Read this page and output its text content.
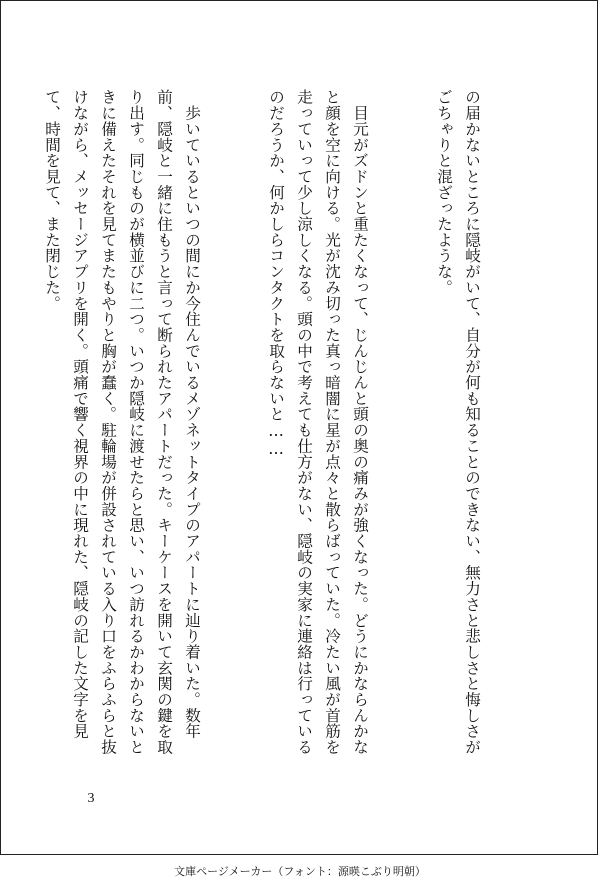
の届かないところに隠岐がいて、自分が何も知ることのできない、無力さと悲しさと悔しさがごちゃりと混ざったような。

　目元がズドンと重たくなって、じんじんと頭の奥の痛みが強くなった。どうにかならんかなと顔を空に向ける。光が沈み切った真っ暗闇に星が点々と散らばっていた。冷たい風が首筋を走っていって少し涼しくなる。頭の中で考えても仕方がない、隠岐の実家に連絡は行っているのだろうか、何かしらコンタクトを取らないと……

　歩いているといつの間にか今住んでいるメゾネットタイプのアパートに辿り着いた。数年前、隠岐と一緒に住もうと言って断られたアパートだった。キーケースを開いて玄関の鍵を取り出す。同じものが横並びに二つ。いつか隠岐に渡せたらと思い、いつ訪れるかわからないときに備えたそれを見てまたもやりと胸が蠢く。駐輪場が併設されている入り口をふらふらと抜けながら、メッセージアプリを開く。頭痛で響く視界の中に現れた、隠岐の記した文字を見て、時間を見て、また閉じた。

3
文庫ページメーカー（フォント：源暎こぶり明朝）
